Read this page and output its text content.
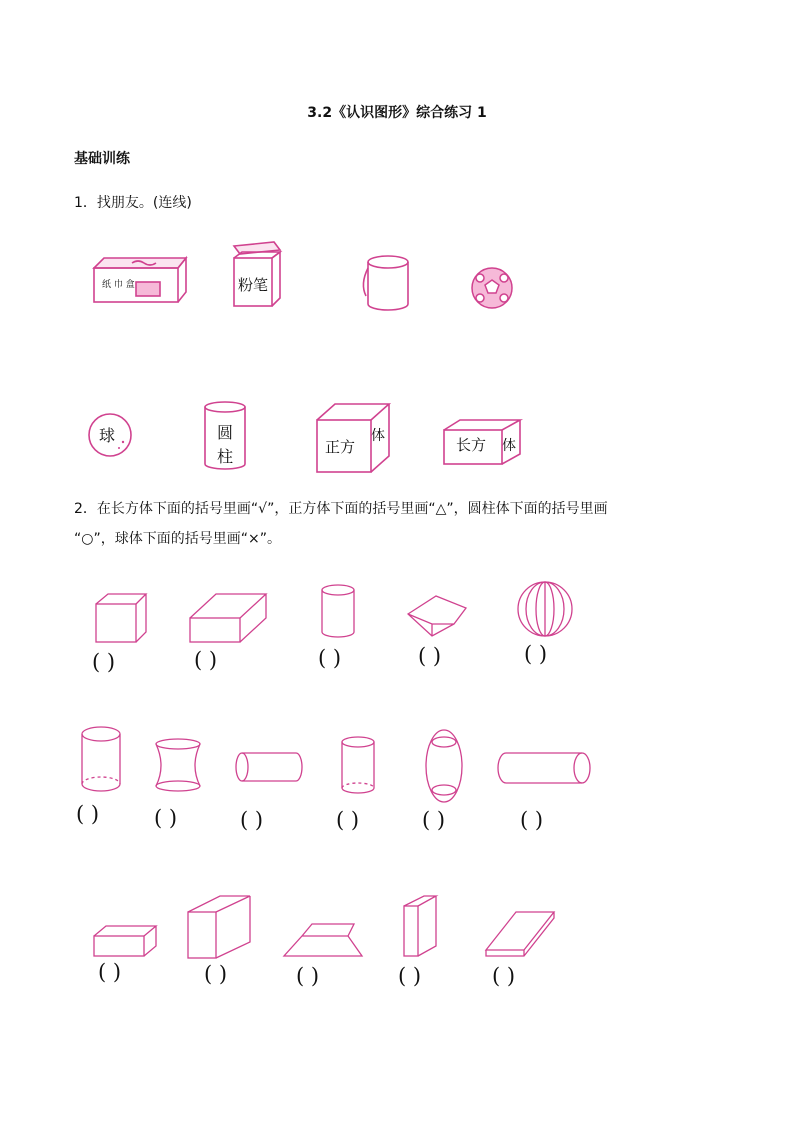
3.2《认识图形》综合练习 1
基础训练
1．找朋友。(连线)
纸 巾 盒	粉笔
球	圆
柱	正方
体	长方 体
2．在长方体下面的括号里画“√”，正方体下面的括号里画“△”，圆柱体下面的括号里画
“○”，球体下面的括号里画“×”。
( )	( )	( )	( )	( )
( )	( )	( )	( )	( )	( )
( )	( )	( )	( )	( )
